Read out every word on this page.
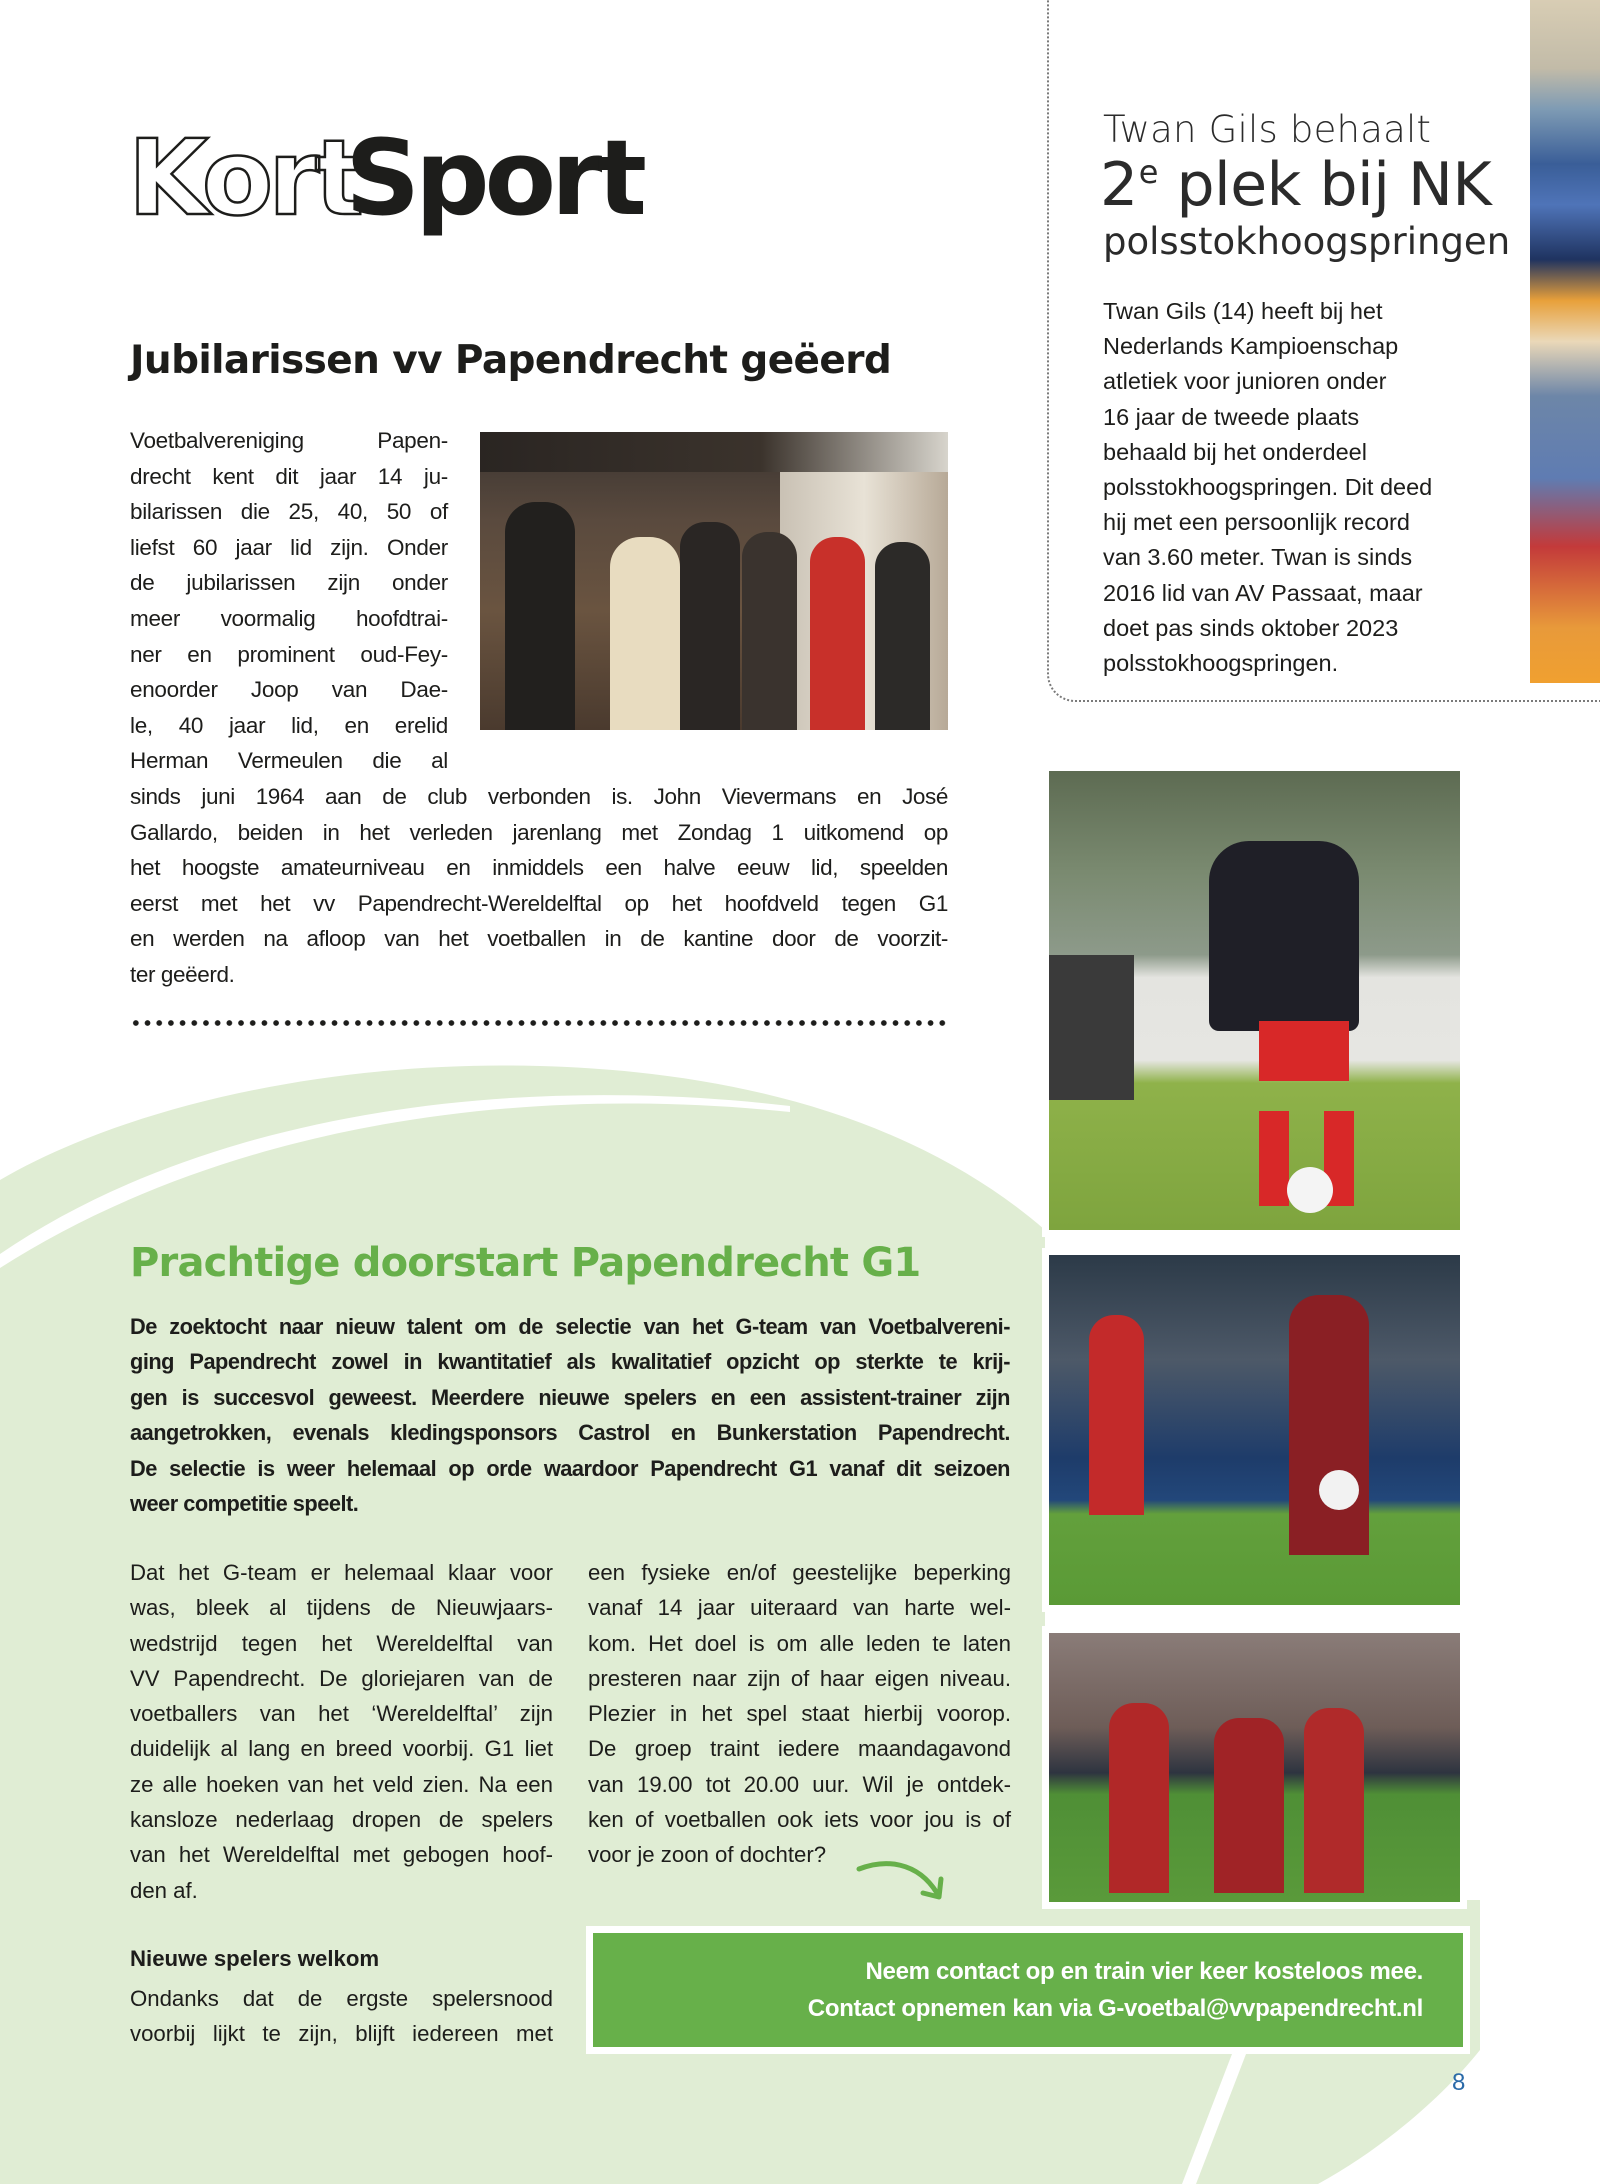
KortSport
Jubilarissen vv Papendrecht geëerd
Voetbalvereniging Papen-
drecht kent dit jaar 14 ju-
bilarissen die 25, 40, 50 of
liefst 60 jaar lid zijn. Onder
de jubilarissen zijn onder
meer voormalig hoofdtrai-
ner en prominent oud-Fey-
enoorder Joop van Dae-
le, 40 jaar lid, en erelid
Herman Vermeulen die al
sinds juni 1964 aan de club verbonden is. John Vievermans en José
Gallardo, beiden in het verleden jarenlang met Zondag 1 uitkomend op
het hoogste amateurniveau en inmiddels een halve eeuw lid, speelden
eerst met het vv Papendrecht-Wereldelftal op het hoofdveld tegen G1
en werden na afloop van het voetballen in de kantine door de voorzit-
ter geëerd.
Twan Gils behaalt
2e plek bij NK
polsstokhoogspringen
Twan Gils (14) heeft bij het
Nederlands Kampioenschap
atletiek voor junioren onder
16 jaar de tweede plaats
behaald bij het onderdeel
polsstokhoogspringen. Dit deed
hij met een persoonlijk record
van 3.60 meter. Twan is sinds
2016 lid van AV Passaat, maar
doet pas sinds oktober 2023
polsstokhoogspringen.
Prachtige doorstart Papendrecht G1
De zoektocht naar nieuw talent om de selectie van het G-team van Voetbalvereni-
ging Papendrecht zowel in kwantitatief als kwalitatief opzicht op sterkte te krij-
gen is succesvol geweest. Meerdere nieuwe spelers en een assistent-trainer zijn
aangetrokken, evenals kledingsponsors Castrol en Bunkerstation Papendrecht.
De selectie is weer helemaal op orde waardoor Papendrecht G1 vanaf dit seizoen
weer competitie speelt.
Dat het G-team er helemaal klaar voor
was, bleek al tijdens de Nieuwjaars-
wedstrijd tegen het Wereldelftal van
VV Papendrecht. De gloriejaren van de
voetballers van het ‘Wereldelftal’ zijn
duidelijk al lang en breed voorbij. G1 liet
ze alle hoeken van het veld zien. Na een
kansloze nederlaag dropen de spelers
van het Wereldelftal met gebogen hoof-
den af.
Nieuwe spelers welkom
Ondanks dat de ergste spelersnood
voorbij lijkt te zijn, blijft iedereen met
een fysieke en/of geestelijke beperking
vanaf 14 jaar uiteraard van harte wel-
kom. Het doel is om alle leden te laten
presteren naar zijn of haar eigen niveau.
Plezier in het spel staat hierbij voorop.
De groep traint iedere maandagavond
van 19.00 tot 20.00 uur. Wil je ontdek-
ken of voetballen ook iets voor jou is of
voor je zoon of dochter?
Neem contact op en train vier keer kosteloos mee.
Contact opnemen kan via G-voetbal@vvpapendrecht.nl
8
